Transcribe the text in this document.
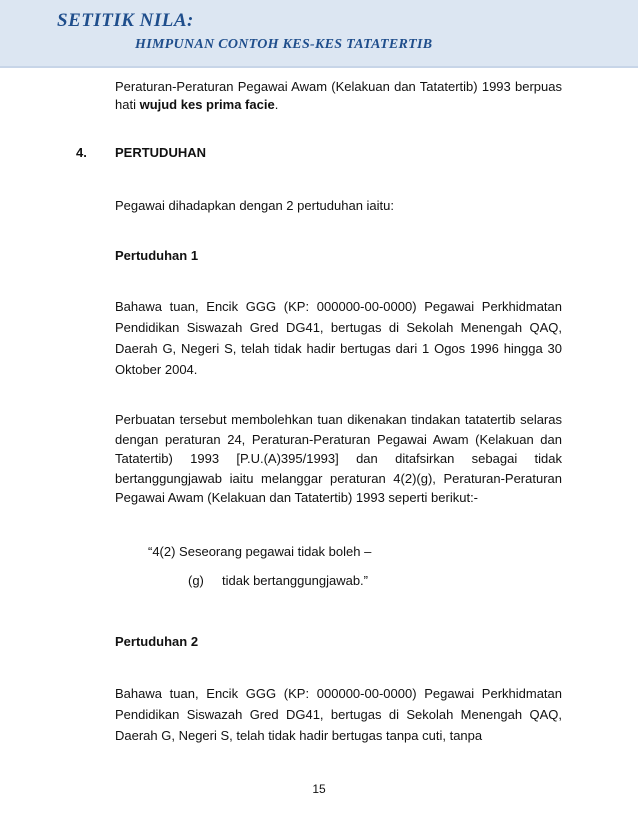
SETITIK NILA:
HIMPUNAN CONTOH KES-KES TATATERTIB
Peraturan-Peraturan Pegawai Awam (Kelakuan dan Tatatertib) 1993 berpuas hati wujud kes prima facie.
4. PERTUDUHAN
Pegawai dihadapkan dengan 2 pertuduhan iaitu:
Pertuduhan 1
Bahawa tuan, Encik GGG (KP: 000000-00-0000) Pegawai Perkhidmatan Pendidikan Siswazah Gred DG41, bertugas di Sekolah Menengah QAQ, Daerah G, Negeri S, telah tidak hadir bertugas dari 1 Ogos 1996 hingga 30 Oktober 2004.
Perbuatan tersebut membolehkan tuan dikenakan tindakan tatatertib selaras dengan peraturan 24, Peraturan-Peraturan Pegawai Awam (Kelakuan dan Tatatertib) 1993 [P.U.(A)395/1993] dan ditafsirkan sebagai tidak bertanggungjawab iaitu melanggar peraturan 4(2)(g), Peraturan-Peraturan Pegawai Awam (Kelakuan dan Tatatertib) 1993 seperti berikut:-
“4(2) Seseorang pegawai tidak boleh –
(g) tidak bertanggungjawab.”
Pertuduhan 2
Bahawa tuan, Encik GGG (KP: 000000-00-0000) Pegawai Perkhidmatan Pendidikan Siswazah Gred DG41, bertugas di Sekolah Menengah QAQ, Daerah G, Negeri S, telah tidak hadir bertugas tanpa cuti, tanpa
15
